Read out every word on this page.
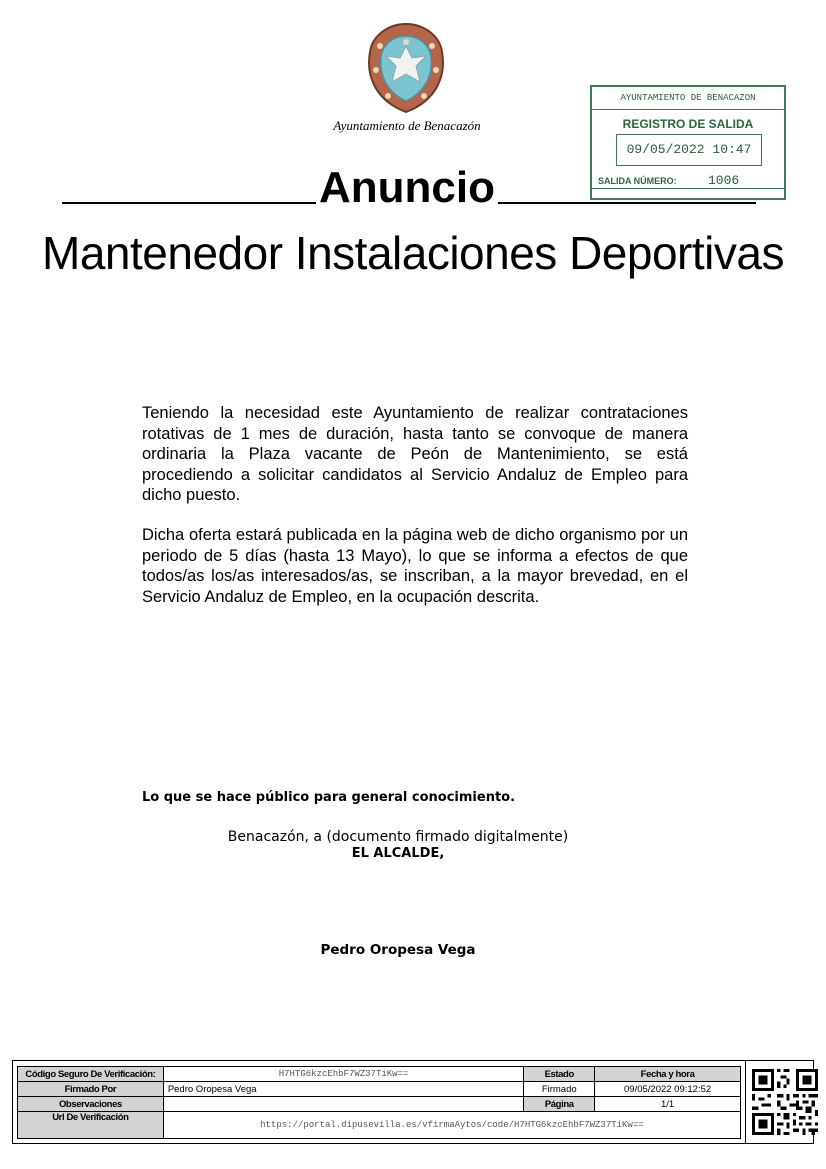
Ayuntamiento de Benacazón
AYUNTAMIENTO DE BENACAZON
REGISTRO DE SALIDA
09/05/2022 10:47
SALIDA NÚMERO: 1006
Anuncio
Mantenedor Instalaciones Deportivas
Teniendo la necesidad este Ayuntamiento de realizar contrataciones rotativas de 1 mes de duración, hasta tanto se convoque de manera ordinaria la Plaza vacante de Peón de Mantenimiento, se está procediendo a solicitar candidatos al Servicio Andaluz de Empleo para dicho puesto.
Dicha oferta estará publicada en la página web de dicho organismo por un periodo de 5 días (hasta 13 Mayo), lo que se informa a efectos de que todos/as los/as interesados/as, se inscriban, a la mayor brevedad, en el Servicio Andaluz de Empleo, en la ocupación descrita.
Lo que se hace público para general conocimiento.
Benacazón, a (documento firmado digitalmente)
EL ALCALDE,
Pedro Oropesa Vega
Código Seguro De Verificación:	H7HTG6kzcEhbF7WZ37TiKw==	Estado	Fecha y hora
Firmado Por	Pedro Oropesa Vega	Firmado	09/05/2022 09:12:52
Observaciones		Página	1/1
Url De Verificación	https://portal.dipusevilla.es/vfirmaAytos/code/H7HTG6kzcEhbF7WZ37TiKw==		
